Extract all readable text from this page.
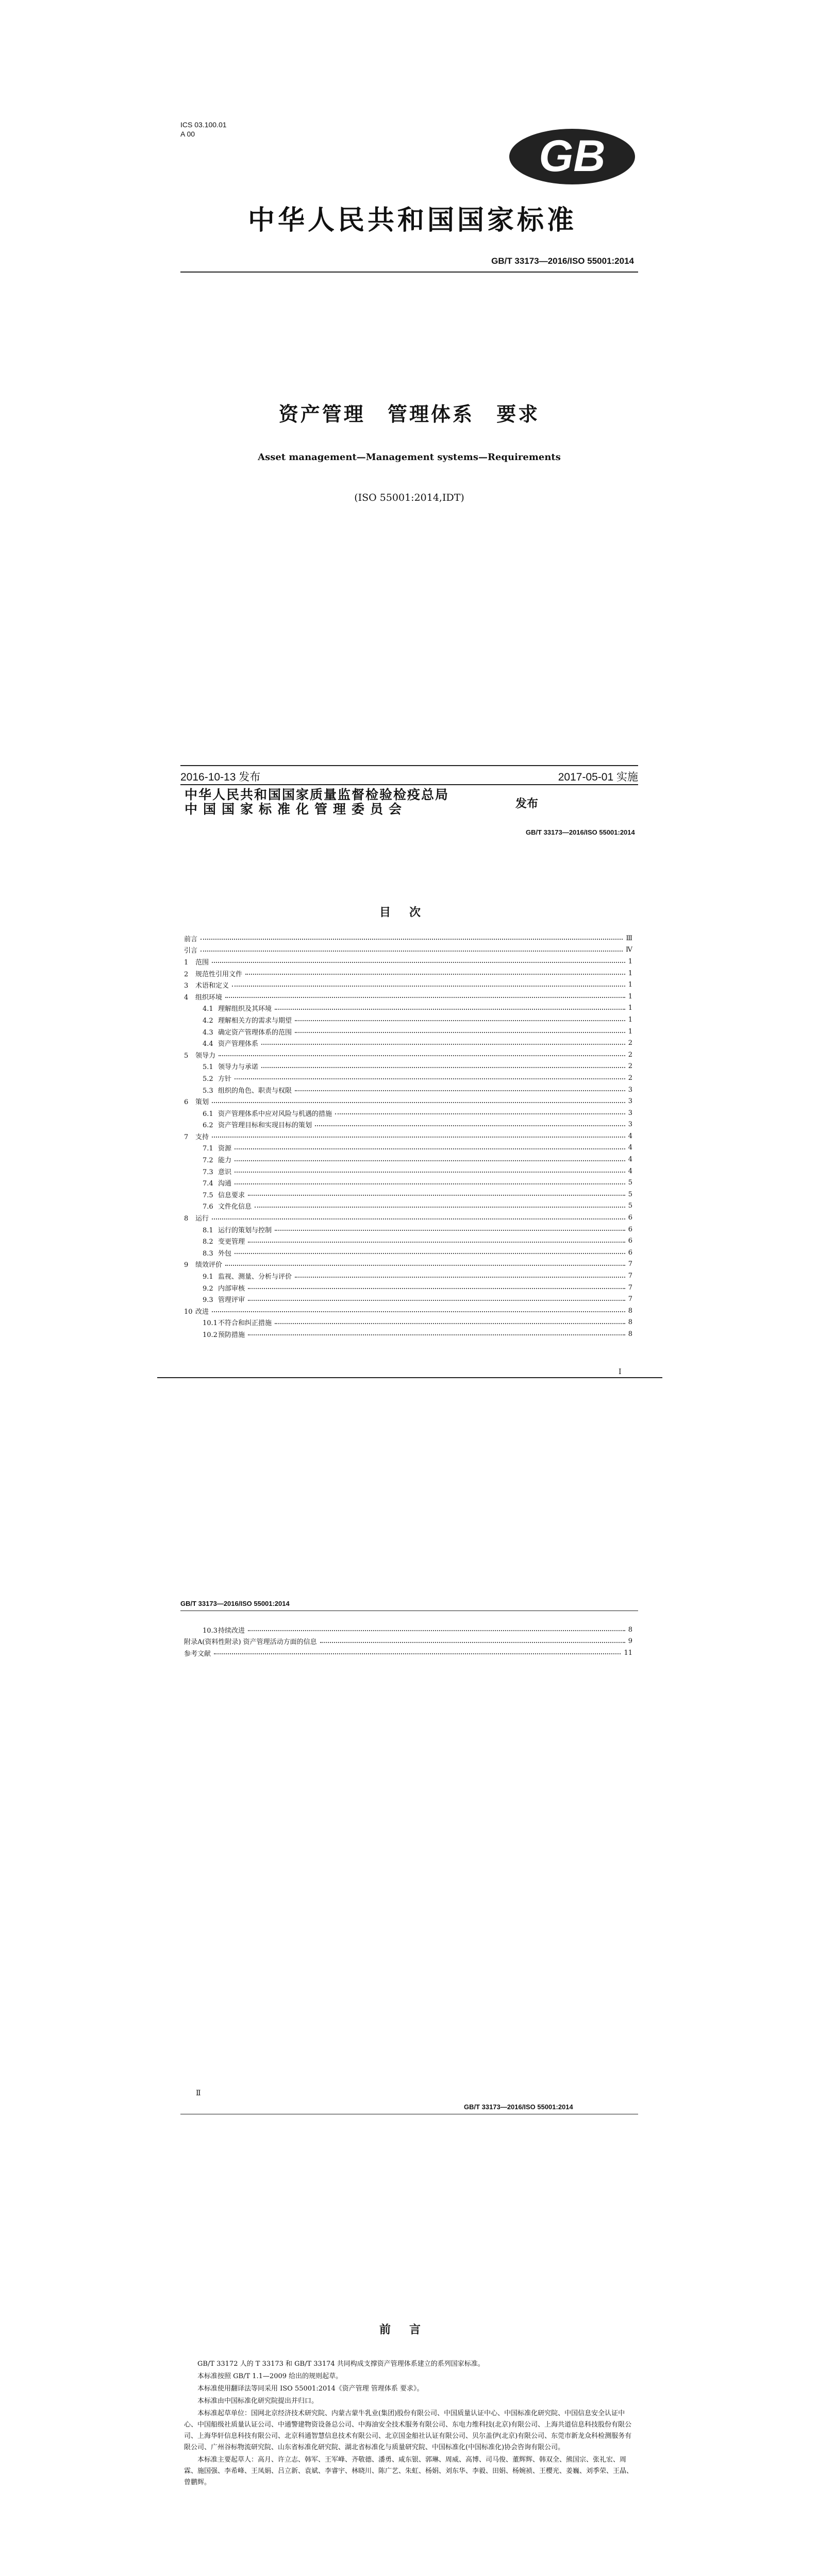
ICS 03.100.01
A 00	GB
中华人民共和国国家标准
GB/T 33173—2016/ISO 55001:2014
资产管理 管理体系 要求
Asset management—Management systems—Requirements
(ISO 55001:2014,IDT)
2016-10-13 发布	2017-05-01 实施
中华人民共和国国家质量监督检验检疫总局
中国国家标准化管理委员会	发布
GB/T 33173—2016/ISO 55001:2014
目次
前言	Ⅲ
引言	Ⅳ
1 范围	1
2 规范性引用文件	1
3 术语和定义	1
4 组织环境	1
4.1 理解组织及其环境	1
4.2 理解相关方的需求与期望	1
4.3 确定资产管理体系的范围	1
4.4 资产管理体系	2
5 领导力	2
5.1 领导力与承诺	2
5.2 方针	2
5.3 组织的角色、职责与权限	3
6 策划	3
6.1 资产管理体系中应对风险与机遇的措施	3
6.2 资产管理目标和实现目标的策划	3
7 支持	4
7.1 资源	4
7.2 能力	4
7.3 意识	4
7.4 沟通	5
7.5 信息要求	5
7.6 文件化信息	5
8 运行	6
8.1 运行的策划与控制	6
8.2 变更管理	6
8.3 外包	6
9 绩效评价	7
9.1 监视、测量、分析与评价	7
9.2 内部审核	7
9.3 管理评审	7
10 改进	8
10.1不符合和纠正措施	8
10.2预防措施	8
I
GB/T 33173—2016/ISO 55001:2014
10.3持续改进	8
附录A(资料性附录) 资产管理活动方面的信息	9
参考文献	11
Ⅱ
GB/T 33173—2016/ISO 55001:2014
前言

GB/T 33172 人的 T 33173 和 GB/T 33174 共同构成支撑资产管理体系建立的系列国家标准。

本标准按照 GB/T 1.1—2009 给出的规则起草。

本标准使用翻译法等同采用 ISO 55001:2014《资产管理 管理体系 要求》。

本标准由中国标准化研究院提出并归口。

本标准起草单位：国网北京经济技术研究院、内蒙古蒙牛乳业(集团)股份有限公司、中国质量认证中心、中国标准化研究院、中国信息安全认证中心、中国船级社质量认证公司、中通警建物资设备总公司、中海油安全技术服务有限公司、东电力维科技(北京)有限公司、上海共道信息科技股份有限公司、上海华轩信息科技有限公司、北京科通智慧信息技术有限公司、北京国金船社认证有限公司、贝尔盖伊(北京)有限公司、东莞市新龙众科检测服务有限公司、广州谷标物流研究院、山东省标准化研究院、湖北省标准化与质量研究院、中国标准化(中国标准化)协会咨询有限公司。

本标准主要起草人：高月、许立志、韩军、王军峰、齐敬德、潘勇、咸东银、郭琳、周威、高博、司马俊、董辉辉、韩双全、熊国宗、张礼宏、周霖、施国强、李希峰、王凤娟、吕立新、袁斌、李睿宇、林晓川、陈广艺、朱虹、杨娟、刘东华、李毅、田娟、杨婉祯、王樱光、姜巍、刘季荣、王晶、曾鹏辉。
